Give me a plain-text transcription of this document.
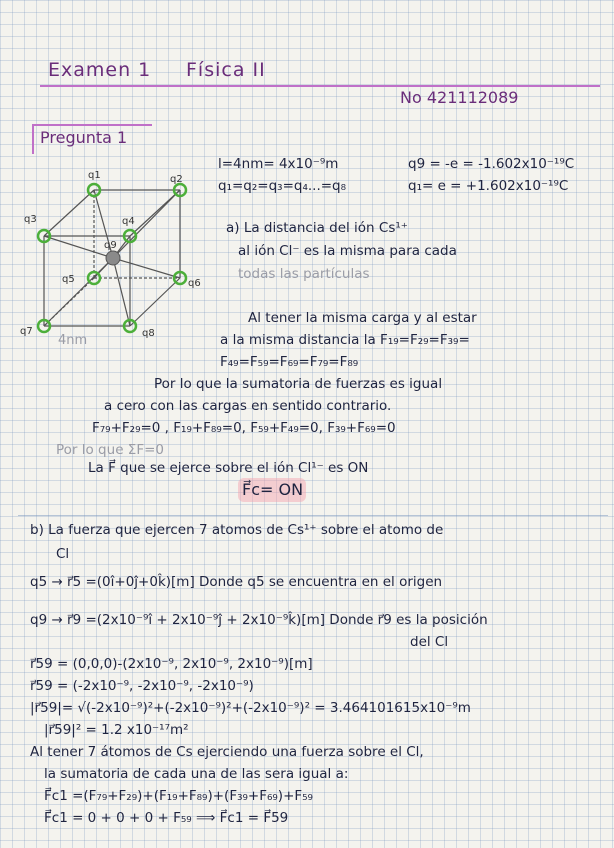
Examen 1 Física II
No 421112089
Pregunta 1
q1	q2
q3	q4
q5	q6
q7	q8
q9
4nm
l=4nm= 4x10⁻⁹m
q₁=q₂=q₃=q₄...=q₈
q9 = -e = -1.602x10⁻¹⁹C
q₁= e = +1.602x10⁻¹⁹C
a) La distancia del ión Cs¹⁺
al ión Cl⁻ es la misma para cada
todas las partículas
Al tener la misma carga y al estar
a la misma distancia la F₁₉=F₂₉=F₃₉=
F₄₉=F₅₉=F₆₉=F₇₉=F₈₉
Por lo que la sumatoria de fuerzas es igual
a cero con las cargas en sentido contrario.
F₇₉+F₂₉=0 , F₁₉+F₈₉=0, F₅₉+F₄₉=0, F₃₉+F₆₉=0
Por lo que ΣF=0
La F⃗ que se ejerce sobre el ión Cl¹⁻ es ON
F⃗c= ON
b) La fuerza que ejercen 7 atomos de Cs¹⁺ sobre el atomo de
Cl
q5 → r⃗5 =(0î+0ĵ+0k̂)[m] Donde q5 se encuentra en el origen
q9 → r⃗9 =(2x10⁻⁹î + 2x10⁻⁹ĵ + 2x10⁻⁹k̂)[m] Donde r⃗9 es la posición
del Cl
r⃗59 = (0,0,0)-(2x10⁻⁹, 2x10⁻⁹, 2x10⁻⁹)[m]
r⃗59 = (-2x10⁻⁹, -2x10⁻⁹, -2x10⁻⁹)
|r⃗59|= √(-2x10⁻⁹)²+(-2x10⁻⁹)²+(-2x10⁻⁹)² = 3.464101615x10⁻⁹m
|r⃗59|² = 1.2 x10⁻¹⁷m²
Al tener 7 átomos de Cs ejerciendo una fuerza sobre el Cl,
la sumatoria de cada una de las sera igual a:
F⃗c1 =(F₇₉+F₂₉)+(F₁₉+F₈₉)+(F₃₉+F₆₉)+F₅₉
F⃗c1 = 0 + 0 + 0 + F₅₉ ⟹ F⃗c1 = F⃗59
